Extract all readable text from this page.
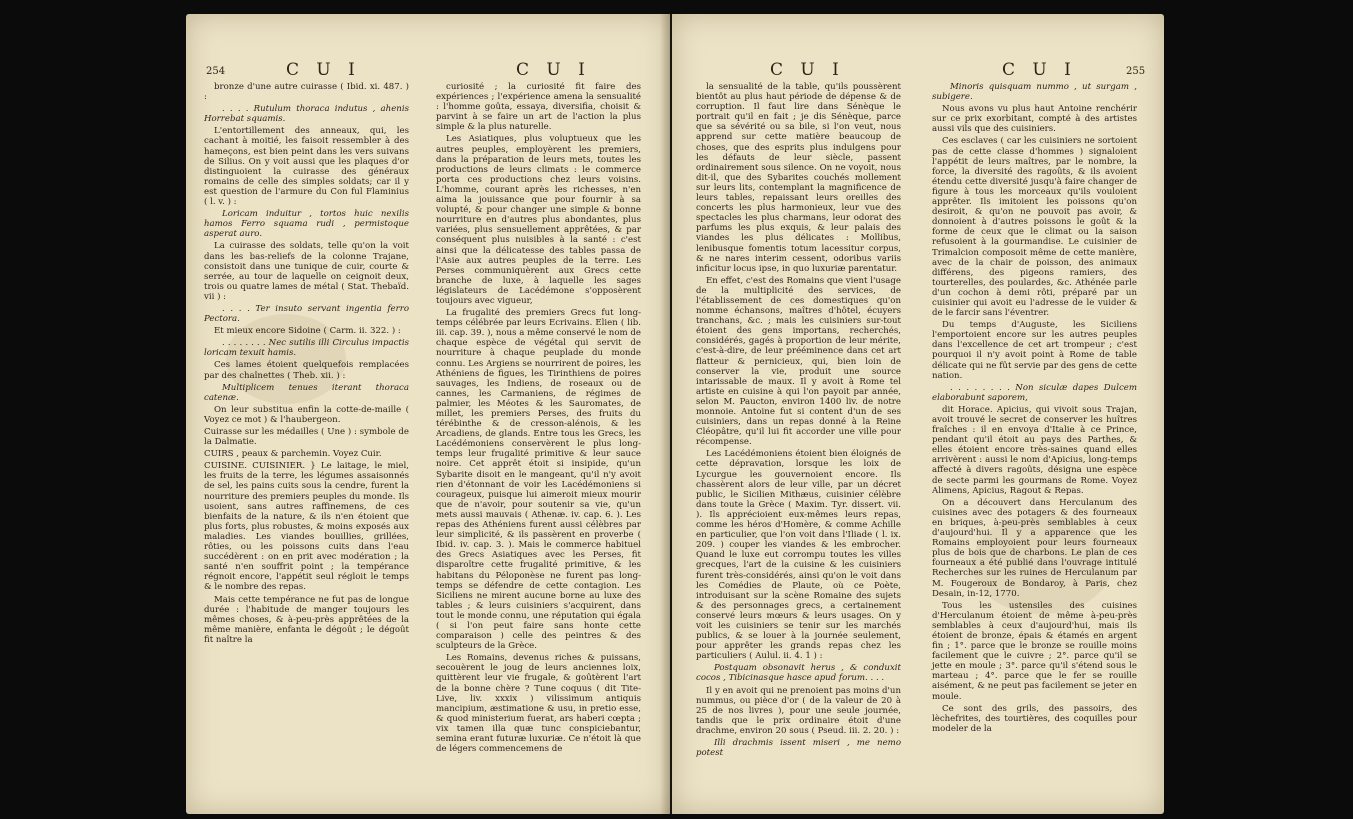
254	C U I	C U I

bronze d'une autre cuirasse ( Ibid. xi. 487. ) :

. . . . Rutulum thoraca indutus , ahenis Horrebat squamis.

L'entortillement des anneaux, qui, les cachant à moitié, les faisoit ressembler à des hameçons, est bien peint dans les vers suivans de Silius. On y voit aussi que les plaques d'or distinguoient la cuirasse des généraux romains de celle des simples soldats; car il y est question de l'armure du Con ful Flaminius ( l. v. ) :

Loricam induitur , tortos huic nexilis hamos Ferro squama rudi , permistoque asperat auro.

La cuirasse des soldats, telle qu'on la voit dans les bas-reliefs de la colonne Trajane, consistoit dans une tunique de cuir, courte & serrée, au tour de laquelle on ceignoit deux, trois ou quatre lames de métal ( Stat. Thebaïd. vii ) :

. . . . Ter insuto servant ingentia ferro Pectora.

Et mieux encore Sidoine ( Carm. ii. 322. ) :

. . . . . . . . Nec sutilis illi Circulus impactis loricam texuit hamis.

Ces lames étoient quelquefois remplacées par des chaînettes ( Theb. xii. ) :

Multiplicem tenues iterant thoraca catenæ.

On leur substitua enfin la cotte-de-maille ( Voyez ce mot ) & l'haubergeon.

Cuirasse sur les médailles ( Une ) : symbole de la Dalmatie.

CUIRS , peaux & parchemin. Voyez Cuir.

CUISINE. CUISINIER. } Le laitage, le miel, les fruits de la terre, les légumes assaisonnés de sel, les pains cuits sous la cendre, furent la nourriture des premiers peuples du monde. Ils usoient, sans autres raffinemens, de ces bienfaits de la nature, & ils n'en étoient que plus forts, plus robustes, & moins exposés aux maladies. Les viandes bouillies, grillées, rôties, ou les poissons cuits dans l'eau succédèrent : on en prit avec modération ; la santé n'en souffrit point ; la tempérance régnoit encore, l'appétit seul régloit le temps & le nombre des repas.

Mais cette tempérance ne fut pas de longue durée : l'habitude de manger toujours les mêmes choses, & à-peu-près apprêtées de la même manière, enfanta le dégoût ; le dégoût fit naître la

curiosité ; la curiosité fit faire des expériences ; l'expérience amena la sensualité : l'homme goûta, essaya, diversifia, choisit & parvint à se faire un art de l'action la plus simple & la plus naturelle.

Les Asiatiques, plus voluptueux que les autres peuples, employèrent les premiers, dans la préparation de leurs mets, toutes les productions de leurs climats : le commerce porta ces productions chez leurs voisins. L'homme, courant après les richesses, n'en aima la jouissance que pour fournir à sa volupté, & pour changer une simple & bonne nourriture en d'autres plus abondantes, plus variées, plus sensuellement apprêtées, & par conséquent plus nuisibles à la santé : c'est ainsi que la délicatesse des tables passa de l'Asie aux autres peuples de la terre. Les Perses communiquèrent aux Grecs cette branche de luxe, à laquelle les sages législateurs de Lacédémone s'opposèrent toujours avec vigueur,

La frugalité des premiers Grecs fut long-temps célébrée par leurs Ecrivains. Elien ( lib. iii. cap. 39. ), nous a même conservé le nom de chaque espèce de végétal qui servit de nourriture à chaque peuplade du monde connu. Les Argiens se nourrirent de poires, les Athéniens de figues, les Tirinthiens de poires sauvages, les Indiens, de roseaux ou de cannes, les Carmaniens, de régimes de palmier, les Méotes & les Sauromates, de millet, les premiers Perses, des fruits du térébinthe & de cresson-alénois, & les Arcadiens, de glands. Entre tous les Grecs, les Lacédémoniens conservèrent le plus long-temps leur frugalité primitive & leur sauce noire. Cet apprêt étoit si insipide, qu'un Sybarite disoit en le mangeant, qu'il n'y avoit rien d'étonnant de voir les Lacédémoniens si courageux, puisque lui aimeroit mieux mourir que de n'avoir, pour soutenir sa vie, qu'un mets aussi mauvais ( Athenæ. iv. cap. 6. ). Les repas des Athéniens furent aussi célèbres par leur simplicité, & ils passèrent en proverbe ( Ibid. iv. cap. 3. ). Mais le commerce habituel des Grecs Asiatiques avec les Perses, fit disparoître cette frugalité primitive, & les habitans du Péloponèse ne furent pas long-temps se défendre de cette contagion. Les Siciliens ne mirent aucune borne au luxe des tables ; & leurs cuisiniers s'acquirent, dans tout le monde connu, une réputation qui égala ( si l'on peut faire sans honte cette comparaison ) celle des peintres & des sculpteurs de la Grèce.

Les Romains, devenus riches & puissans, secouèrent le joug de leurs anciennes loix, quittèrent leur vie frugale, & goûtèrent l'art de la bonne chère ? Tune coquus ( dit Tite-Live, liv. xxxix ) vilissimum antiquis mancipium, æstimatione & usu, in pretio esse, & quod ministerium fuerat, ars haberi cœpta ; vix tamen illa quæ tunc conspiciebantur, semina erant futuræ luxuriæ. Ce n'étoit là que de légers commencemens de

C U I	C U I	255

la sensualité de la table, qu'ils poussèrent bientôt au plus haut période de dépense & de corruption. Il faut lire dans Sénèque le portrait qu'il en fait ; je dis Sénèque, parce que sa sévérité ou sa bile, si l'on veut, nous apprend sur cette matière beaucoup de choses, que des esprits plus indulgens pour les défauts de leur siècle, passent ordinairement sous silence. On ne voyoit, nous dit-il, que des Sybarites couchés mollement sur leurs lits, contemplant la magnificence de leurs tables, repaissant leurs oreilles des concerts les plus harmonieux, leur vue des spectacles les plus charmans, leur odorat des parfums les plus exquis, & leur palais des viandes les plus délicates : Mollibus, lenibusque fomentis totum lacessitur corpus, & ne nares interim cessent, odoribus variis inficitur locus ipse, in quo luxuriæ parentatur.

En effet, c'est des Romains que vient l'usage de la multiplicité des services, de l'établissement de ces domestiques qu'on nomme échansons, maîtres d'hôtel, écuyers tranchans, &c. ; mais les cuisiniers sur-tout étoient des gens importans, recherchés, considérés, gagés à proportion de leur mérite, c'est-à-dire, de leur prééminence dans cet art flatteur & pernicieux, qui, bien loin de conserver la vie, produit une source intarissable de maux. Il y avoit à Rome tel artiste en cuisine à qui l'on payoit par année, selon M. Paucton, environ 1400 liv. de notre monnoie. Antoine fut si content d'un de ses cuisiniers, dans un repas donné à la Reine Cléopâtre, qu'il lui fit accorder une ville pour récompense.

Les Lacédémoniens étoient bien éloignés de cette dépravation, lorsque les loix de Lycurgue les gouvernoient encore. Ils chassèrent alors de leur ville, par un décret public, le Sicilien Mithæus, cuisinier célèbre dans toute la Grèce ( Maxim. Tyr. dissert. vii. ). Ils apprécioient eux-mêmes leurs repas, comme les héros d'Homère, & comme Achille en particulier, que l'on voit dans l'Iliade ( l. ix. 209. ) couper les viandes & les embrocher. Quand le luxe eut corrompu toutes les villes grecques, l'art de la cuisine & les cuisiniers furent très-considérés, ainsi qu'on le voit dans les Comédies de Plaute, où ce Poète, introduisant sur la scène Romaine des sujets & des personnages grecs, a certainement conservé leurs mœurs & leurs usages. On y voit les cuisiniers se tenir sur les marchés publics, & se louer à la journée seulement, pour apprêter les grands repas chez les particuliers ( Aulul. ii. 4. 1 ) :

Postquam obsonavit herus , & conduxit cocos , Tibicinasque hasce apud forum. . . .

Il y en avoit qui ne prenoient pas moins d'un nummus, ou pièce d'or ( de la valeur de 20 à 25 de nos livres ), pour une seule journée, tandis que le prix ordinaire étoit d'une drachme, environ 20 sous ( Pseud. iii. 2. 20. ) :

Illi drachmis issent miseri , me nemo potest

Minoris quisquam nummo , ut surgam , subigere.

Nous avons vu plus haut Antoine renchérir sur ce prix exorbitant, compté à des artistes aussi vils que des cuisiniers.

Ces esclaves ( car les cuisiniers ne sortoient pas de cette classe d'hommes ) signaloient l'appétit de leurs maîtres, par le nombre, la force, la diversité des ragoûts, & ils avoient étendu cette diversité jusqu'à faire changer de figure à tous les morceaux qu'ils vouloient apprêter. Ils imitoient les poissons qu'on desiroit, & qu'on ne pouvoit pas avoir, & donnoient à d'autres poissons le goût & la forme de ceux que le climat ou la saison refusoient à la gourmandise. Le cuisinier de Trimalcion composoit même de cette manière, avec de la chair de poisson, des animaux différens, des pigeons ramiers, des tourterelles, des poulardes, &c. Athénée parle d'un cochon à demi rôti, préparé par un cuisinier qui avoit eu l'adresse de le vuider & de le farcir sans l'éventrer.

Du temps d'Auguste, les Siciliens l'emportoient encore sur les autres peuples dans l'excellence de cet art trompeur ; c'est pourquoi il n'y avoit point à Rome de table délicate qui ne fût servie par des gens de cette nation.

. . . . . . . . Non siculæ dapes Dulcem elaborabunt saporem,

dit Horace. Apicius, qui vivoit sous Trajan, avoit trouvé le secret de conserver les huîtres fraîches : il en envoya d'Italie à ce Prince, pendant qu'il étoit au pays des Parthes, & elles étoient encore très-saines quand elles arrivèrent : aussi le nom d'Apicius, long-temps affecté à divers ragoûts, désigna une espèce de secte parmi les gourmans de Rome. Voyez Alimens, Apicius, Ragout & Repas.

On a découvert dans Herculanum des cuisines avec des potagers & des fourneaux en briques, à-peu-près semblables à ceux d'aujourd'hui. Il y a apparence que les Romains employoient pour leurs fourneaux plus de bois que de charbons. Le plan de ces fourneaux a été publié dans l'ouvrage intitulé Recherches sur les ruines de Herculanum par M. Fougeroux de Bondaroy, à Paris, chez Desain, in-12, 1770.

Tous les ustensiles des cuisines d'Herculanum étoient de même à-peu-près semblables à ceux d'aujourd'hui, mais ils étoient de bronze, épais & étamés en argent fin ; 1°. parce que le bronze se rouille moins facilement que le cuivre ; 2°. parce qu'il se jette en moule ; 3°. parce qu'il s'étend sous le marteau ; 4°. parce que le fer se rouille aisément, & ne peut pas facilement se jeter en moule.

Ce sont des grils, des passoirs, des lèchefrites, des tourtières, des coquilles pour modeler de la
